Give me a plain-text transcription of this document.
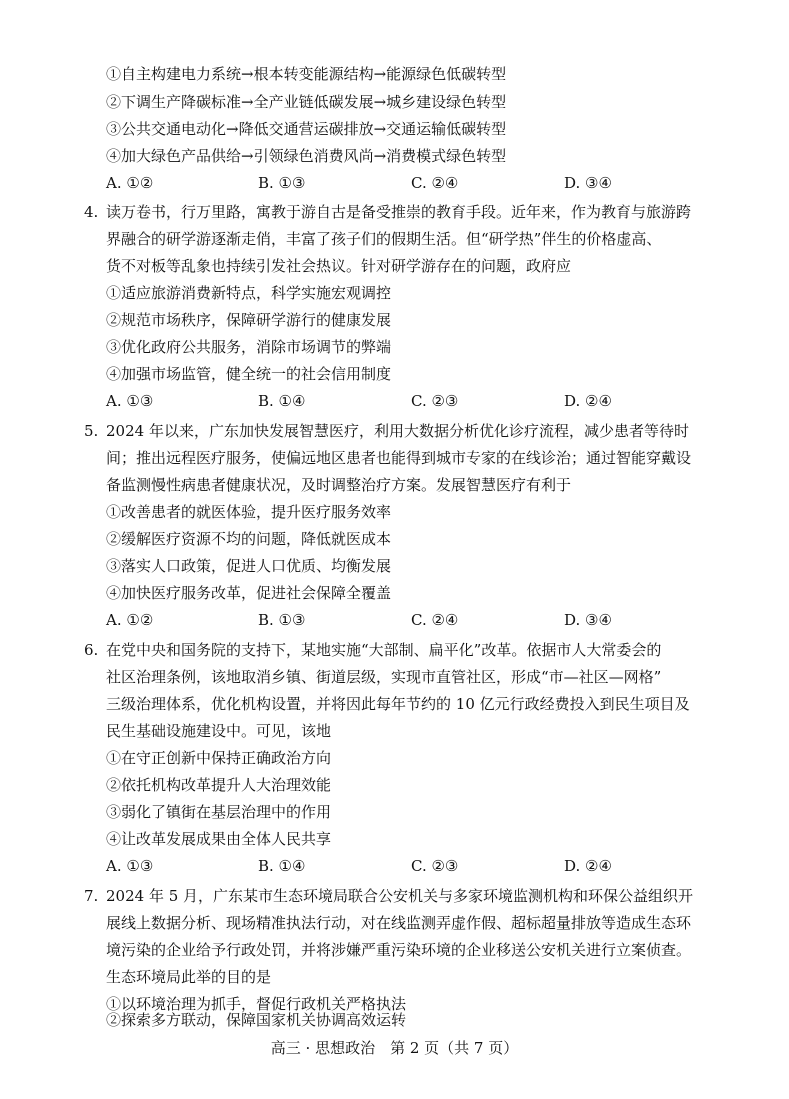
①自主构建电力系统→根本转变能源结构→能源绿色低碳转型
②下调生产降碳标准→全产业链低碳发展→城乡建设绿色转型
③公共交通电动化→降低交通营运碳排放→交通运输低碳转型
④加大绿色产品供给→引领绿色消费风尚→消费模式绿色转型
A. ①②	B. ①③	C. ②④	D. ③④
4. 读万卷书，行万里路，寓教于游自古是备受推崇的教育手段。近年来，作为教育与旅游跨
界融合的研学游逐渐走俏，丰富了孩子们的假期生活。但“研学热”伴生的价格虚高、
货不对板等乱象也持续引发社会热议。针对研学游存在的问题，政府应
①适应旅游消费新特点，科学实施宏观调控
②规范市场秩序，保障研学游行的健康发展
③优化政府公共服务，消除市场调节的弊端
④加强市场监管，健全统一的社会信用制度
A. ①③	B. ①④	C. ②③	D. ②④
5. 2024 年以来，广东加快发展智慧医疗，利用大数据分析优化诊疗流程，减少患者等待时
间；推出远程医疗服务，使偏远地区患者也能得到城市专家的在线诊治；通过智能穿戴设
备监测慢性病患者健康状况，及时调整治疗方案。发展智慧医疗有利于
①改善患者的就医体验，提升医疗服务效率
②缓解医疗资源不均的问题，降低就医成本
③落实人口政策，促进人口优质、均衡发展
④加快医疗服务改革，促进社会保障全覆盖
A. ①②	B. ①③	C. ②④	D. ③④
6. 在党中央和国务院的支持下，某地实施“大部制、扁平化”改革。依据市人大常委会的
社区治理条例，该地取消乡镇、街道层级，实现市直管社区，形成“市—社区—网格”
三级治理体系，优化机构设置，并将因此每年节约的 10 亿元行政经费投入到民生项目及
民生基础设施建设中。可见，该地
①在守正创新中保持正确政治方向
②依托机构改革提升人大治理效能
③弱化了镇街在基层治理中的作用
④让改革发展成果由全体人民共享
A. ①③	B. ①④	C. ②③	D. ②④
7. 2024 年 5 月，广东某市生态环境局联合公安机关与多家环境监测机构和环保公益组织开
展线上数据分析、现场精准执法行动，对在线监测弄虚作假、超标超量排放等造成生态环
境污染的企业给予行政处罚，并将涉嫌严重污染环境的企业移送公安机关进行立案侦查。
生态环境局此举的目的是
①以环境治理为抓手，督促行政机关严格执法
②探索多方联动，保障国家机关协调高效运转
高三 · 思想政治　第 2 页（共 7 页）
